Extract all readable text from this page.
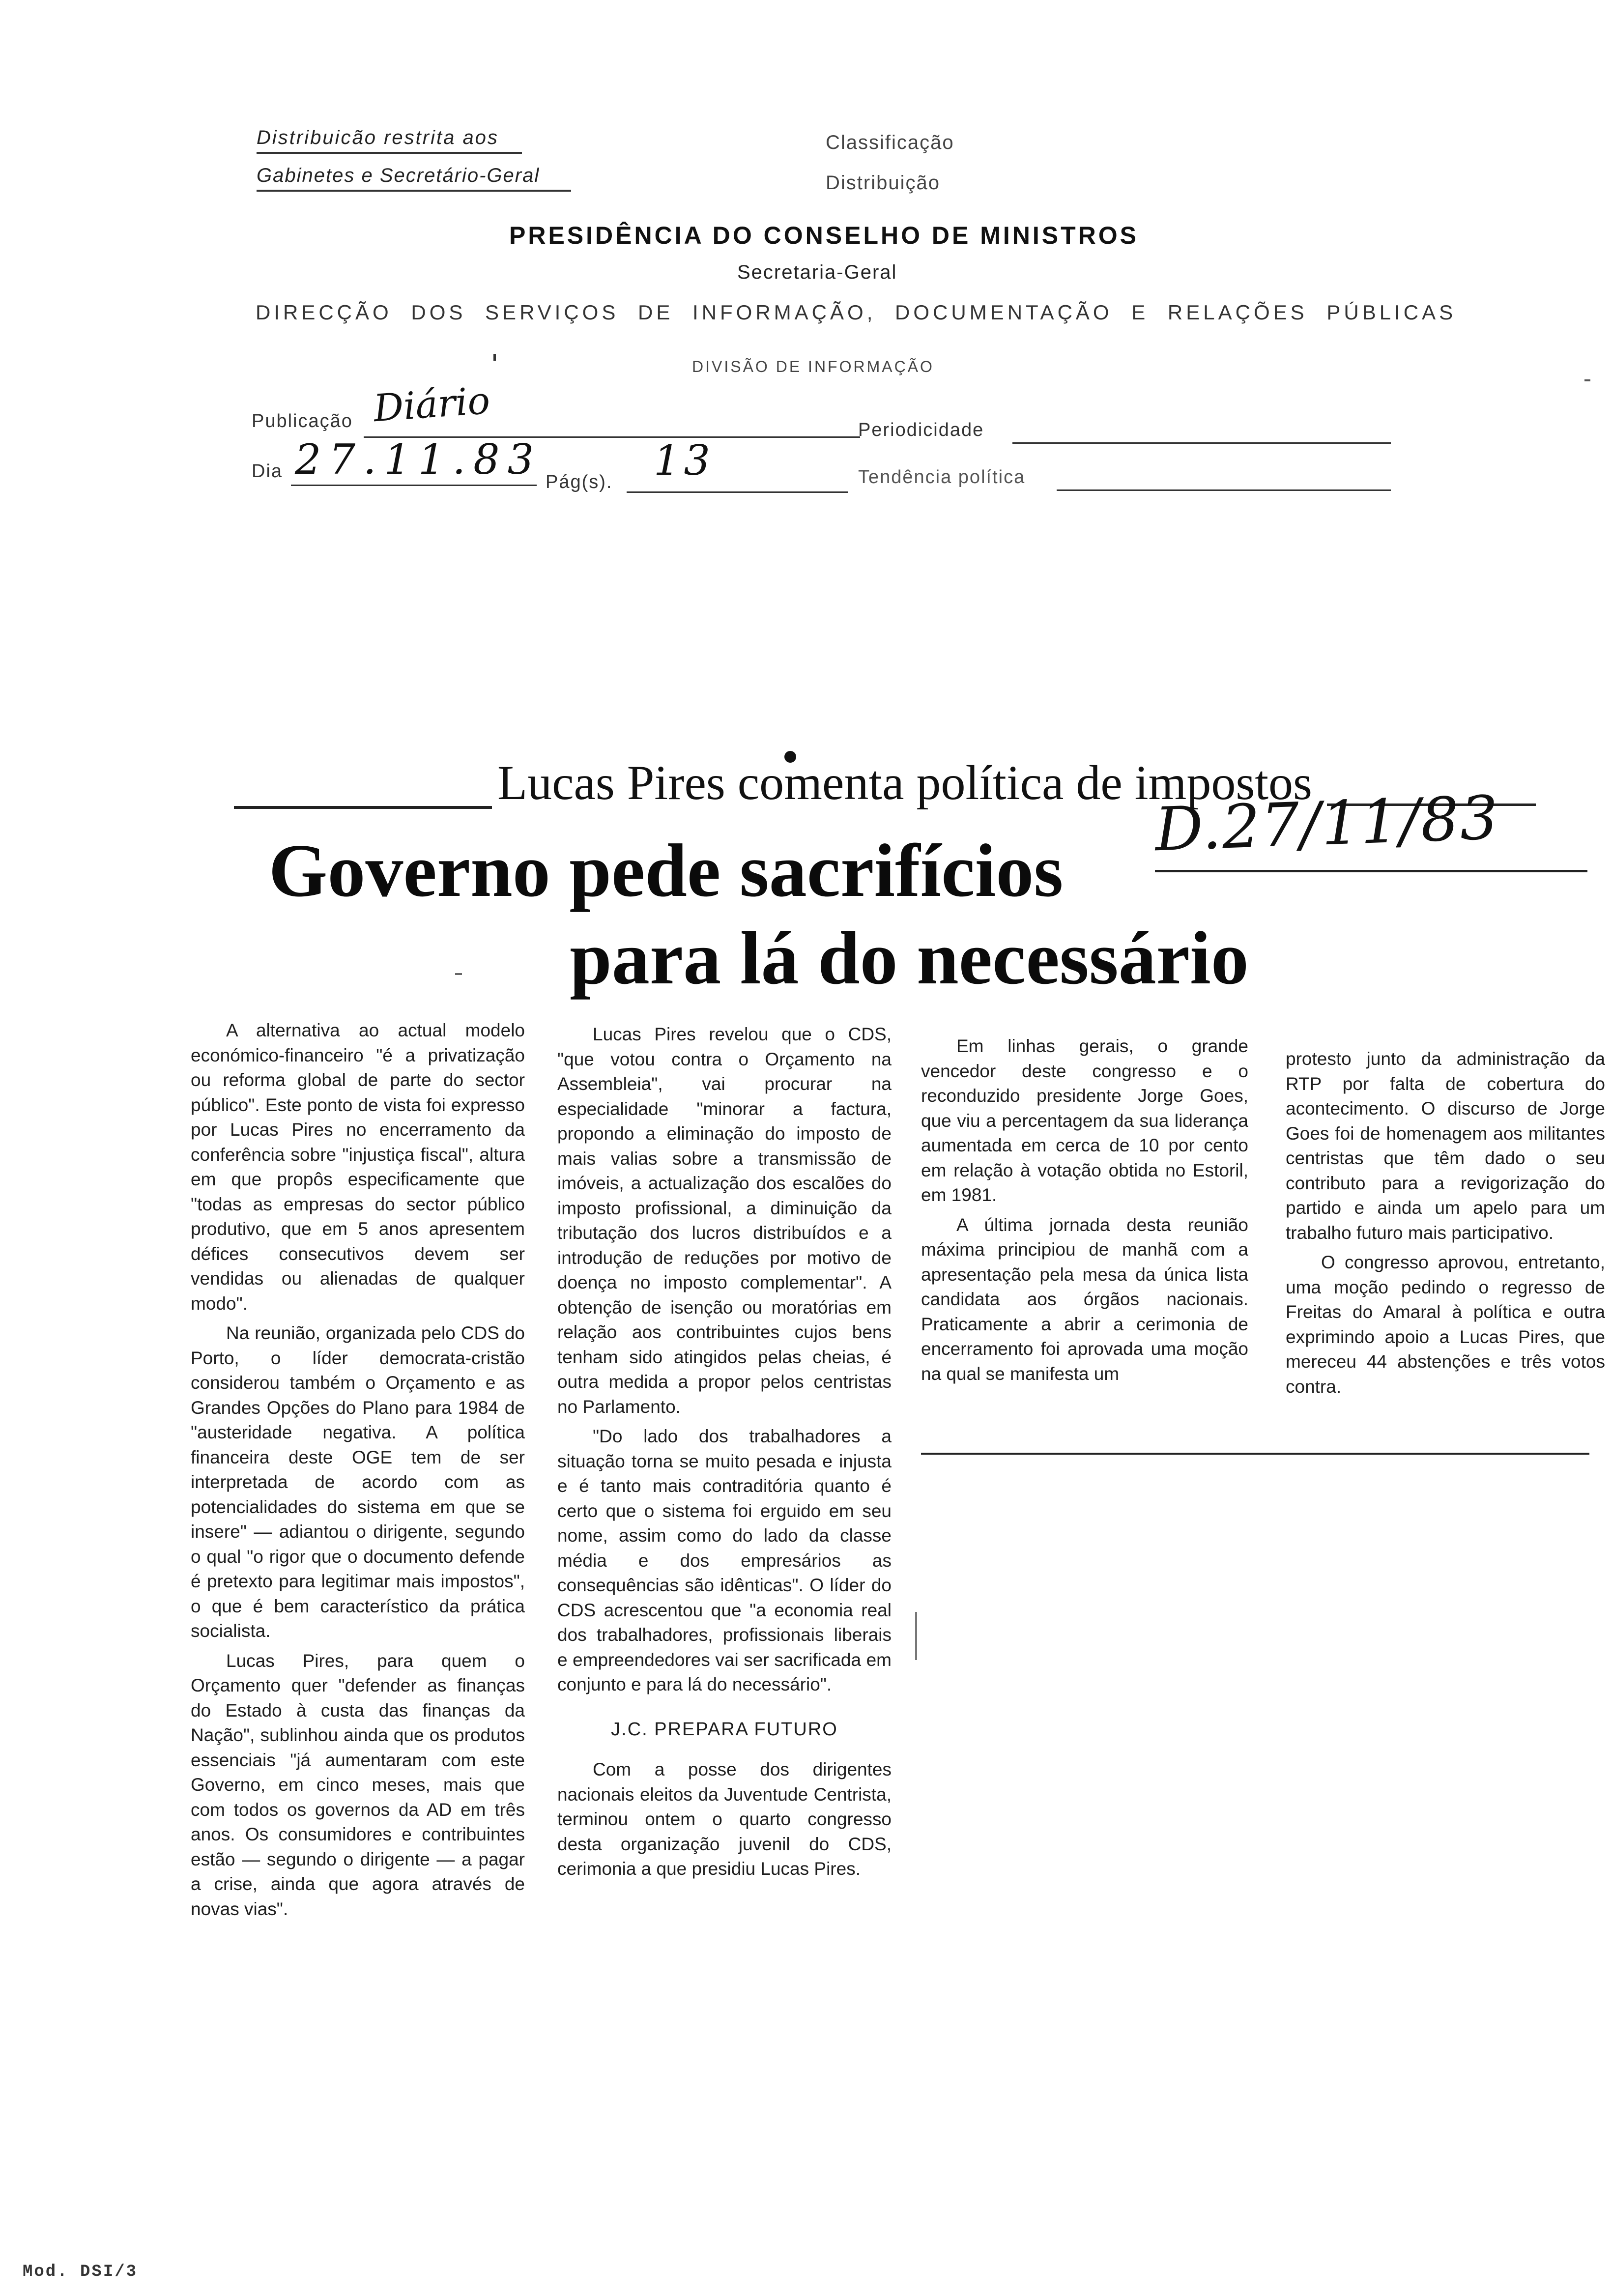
Distribuicão restrita aos
Gabinetes e Secretário-Geral
Classificação
Distribuição
PRESIDÊNCIA DO CONSELHO DE MINISTROS
Secretaria-Geral
DIRECÇÃO DOS SERVIÇOS DE INFORMAÇÃO, DOCUMENTAÇÃO E RELAÇÕES PÚBLICAS
DIVISÃO DE INFORMAÇÃO
Publicação Diário	Periodicidade
Dia 27.11.83 Pág(s). 13	Tendência política
Lucas Pires comenta política de impostos
Governo pede sacrifícios
para lá do necessário
D.27/11/83

A alternativa ao actual modelo económico-financeiro "é a privatização ou reforma global de parte do sector público". Este ponto de vista foi expresso por Lucas Pires no encerramento da conferência sobre "injustiça fiscal", altura em que propôs especificamente que "todas as empresas do sector público produtivo, que em 5 anos apresentem défices consecutivos devem ser vendidas ou alienadas de qualquer modo".

Na reunião, organizada pelo CDS do Porto, o líder democrata-cristão considerou também o Orçamento e as Grandes Opções do Plano para 1984 de "austeridade negativa. A política financeira deste OGE tem de ser interpretada de acordo com as potencialidades do sistema em que se insere" — adiantou o dirigente, segundo o qual "o rigor que o documento defende é pretexto para legitimar mais impostos", o que é bem característico da prática socialista.

Lucas Pires, para quem o Orçamento quer "defender as finanças do Estado à custa das finanças da Nação", sublinhou ainda que os produtos essenciais "já aumentaram com este Governo, em cinco meses, mais que com todos os governos da AD em três anos. Os consumidores e contribuintes estão — segundo o dirigente — a pagar a crise, ainda que agora através de novas vias".

Lucas Pires revelou que o CDS, "que votou contra o Orçamento na Assembleia", vai procurar na especialidade "minorar a factura, propondo a eliminação do imposto de mais valias sobre a transmissão de imóveis, a actualização dos escalões do imposto profissional, a diminuição da tributação dos lucros distribuídos e a introdução de reduções por motivo de doença no imposto complementar". A obtenção de isenção ou moratórias em relação aos contribuintes cujos bens tenham sido atingidos pelas cheias, é outra medida a propor pelos centristas no Parlamento.

"Do lado dos trabalhadores a situação torna se muito pesada e injusta e é tanto mais contraditória quanto é certo que o sistema foi erguido em seu nome, assim como do lado da classe média e dos empresários as consequências são idênticas". O líder do CDS acrescentou que "a economia real dos trabalhadores, profissionais liberais e empreendedores vai ser sacrificada em conjunto e para lá do necessário".

J.C. PREPARA FUTURO

Com a posse dos dirigentes nacionais eleitos da Juventude Centrista, terminou ontem o quarto congresso desta organização juvenil do CDS, cerimonia a que presidiu Lucas Pires.

Em linhas gerais, o grande vencedor deste congresso e o reconduzido presidente Jorge Goes, que viu a percentagem da sua liderança aumentada em cerca de 10 por cento em relação à votação obtida no Estoril, em 1981.

A última jornada desta reunião máxima principiou de manhã com a apresentação pela mesa da única lista candidata aos órgãos nacionais. Praticamente a abrir a cerimonia de encerramento foi aprovada uma moção na qual se manifesta um

protesto junto da administração da RTP por falta de cobertura do acontecimento. O discurso de Jorge Goes foi de homenagem aos militantes centristas que têm dado o seu contributo para a revigorização do partido e ainda um apelo para um trabalho futuro mais participativo.

O congresso aprovou, entretanto, uma moção pedindo o regresso de Freitas do Amaral à política e outra exprimindo apoio a Lucas Pires, que mereceu 44 abstenções e três votos contra.

Mod. DSI/3
